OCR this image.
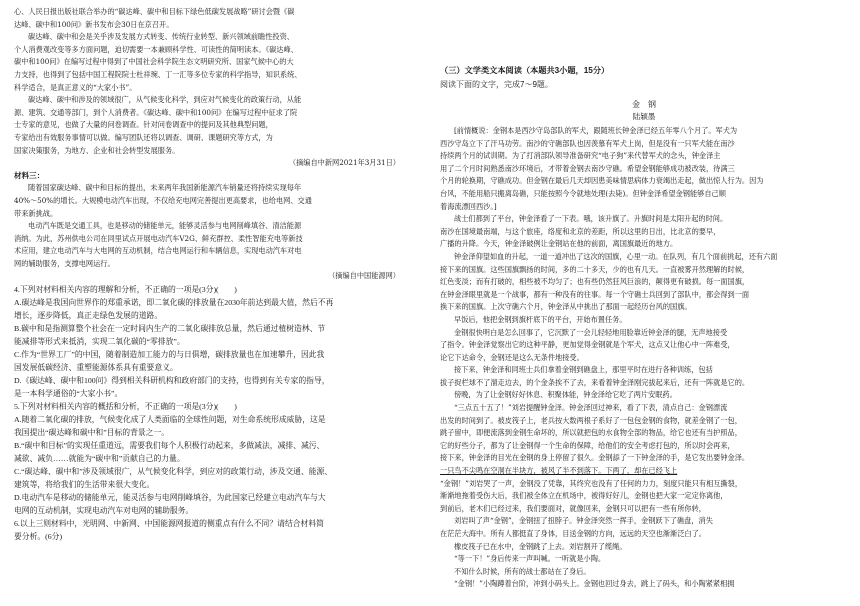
心、人民日报出版社联合举办的“碳达峰、碳中和目标下绿色低碳发展战略”研讨会暨《碳

达峰、碳中和100问》新书发布会30日在京召开。

碳达峰、碳中和会是关乎涉及发展方式转变、传统行业转型、新兴领域前瞻性投资、

个人消费观改变等多方面问题，迫切需要一本兼顾科学性、可读性的简明读本。《碳达峰、

碳中和100问》在编写过程中得到了中国社会科学院生态文明研究所、国家气候中心的大

力支持，也得到了包括中国工程院院士杜祥琬、丁一汇等多位专家的科学指导，知识系统、

科学适合，是真正意义的“大家小书”。

碳达峰、碳中和涉及的领域很广，从气候变化科学，到应对气候变化的政策行动，从能

源、建筑、交通等部门，到个人消费者。《碳达峰、碳中和100问》在编写过程中征求了院

士专家的意见，也做了大量的问卷调查。针对问卷调查中的提问及其他典型问题，

专家给出有效服务事情可以做。编写团队还将以调查、调研、课题研究等方式，为

国家决策服务，为地方、企业和社会转型发展服务。

（摘编自中新网2021年3月31日）

材料三：

随着国家碳达峰、碳中和目标的提出，未来两年我国新能源汽车销量还将持续实现每年

40%～50%的增长。大规模电动汽车出现，不仅给充电网完善提出更高要求，也给电网、交通

带来新挑战。

电动汽车既是交通工具，也是移动的储能单元，能够灵活参与电网削峰填谷、清洁能源

消纳。为此，苏州供电公司在同里试点开展电动汽车V2G、鲜充群控、柔性智能充电等新技

术应用，建立电动汽车与大电网的互动机制，结合电网运行和车辆信息，实现电动汽车对电

网的辅助服务，支撑电网运行。

（摘编自中国能源网）

4.下列对材料相关内容的理解和分析，不正确的一项是(3分)(　　)

A.碳达峰是我国向世界作的郑重承诺，即二氧化碳的排放量在2030年前达到最大值，然后不再

增长，逐步降低，真正走绿色发展的道路。

B.碳中和是指测算整个社会在一定时间内生产的二氧化碳排放总量，然后通过植树造林、节

能减排等形式来抵消，实现二氧化碳的“零排放”。

C.作为“世界工厂”的中国，随着制造加工能力的与日俱增，碳排放量也在加速攀升，因此我

国发展低碳经济、重塑能源体系具有重要意义。

D.《碳达峰、碳中和100问》得到相关科研机构和政府部门的支持，也得到有关专家的指导，

是一本科学通俗的“大家小书”。

5.下列对材料相关内容的概括和分析，不正确的一项是(3分)(　　)

A.随着二氧化碳的排放，气候变化成了人类面临的全球性问题，对生命系统形成威胁，这是

我国提出“碳达峰和碳中和”目标的背景之一。

B.“碳中和目标”的实现任重道远，需要我们每个人积极行动起来，多做减法，减排、减污、

减欲、减负……就能为“碳中和”贡献自己的力量。

C.“碳达峰、碳中和”涉及领域很广，从气候变化科学，到应对的政策行动，涉及交通、能源、

建筑等，将给我们的生活带来很大变化。

D.电动汽车是移动的储能单元，能灵活参与电网削峰填谷，为此国家已经建立电动汽车与大

电网的互动机制，实现电动汽车对电网的辅助服务。

6.以上三则材料中，光明网、中新网、中国能源网报道的侧重点有什么不同？请结合材料简

要分析。(6分)

（三）文学类文本阅读（本题共3小题，15分）

阅读下面的文字，完成7～9题。

金　钢

陆颖墨

[前情概说：金钢本是西沙守岛部队的军犬，跟随班长钟金泽已经五年零八个月了。军犬为

西沙守岛立下了汗马功劳。南沙的守礁部队也因羡慕有军犬上岗，但是没有一只军犬能在南沙

持续两个月的试训期。为了打消部队领导准备研究“电子狗”来代替军犬的念头，钟金泽主

用了二个月时间熟悉南沙环境后，才带着金钢去南沙守礁。希望金钢能够成功被改装，待满三

个月的轮换期，守礁成功。但金钢在最后几天却因患美味情思病体力衰竭出走起，做出惊人行为。因为

台风，不能用船只搬离岛礁，只能按照今令就地处理(去毙)。但钟金泽希望金钢能够自己顺

着海流漂回西沙。]

战士们都到了平台，钟金泽看了一下表。哦，该升旗了。升旗时间是太阳升起的时间。

南沙在国境最南端，与这个旅座，络度和北京的差距，所以这里的日出，比北京的要早，

广播的升降。今天，钟金泽破例让金钢站在他的前面，离国旗最近的地方。

钟金泽仰望如血的升起，一道一道冲出了这次的国旗，心里一动。在队列，有几个面前挑起，还有六面

接下来的国旗。这些国旗飘扬的时间，多的二十多天，少的也有几天。一直被雾开然理解的时候，

红色变淡；而有打破的，相些被不均匀了；也有些仍然狂风巨浪的，颠得更有破损。每一面国旗，

在钟金泽眼里就是一个战事，都有一种没有的往事。每一个守礁士兵回到了部队中，都会得到一面

换下来的国旗。上次守礁六个月，钟金泽从中挑出了那面一起经历台风的国旗。

早饭后，他把金钢到旗杆底下的平台，开始布置任务。

金钢很快明白是怎么回事了，它沉默了一会儿轻轻地用脸靠近钟金泽的腿，无声地接受

了指令。钟金泽觉察出它的这种平静，更加觉得金钢就是个军犬，这点又让他心中一阵难受，

论它下达命令，金钢还是这么无条件地接受。

接下来，钟金泽和同班士兵们拿着金钢到礁盘上，那里平时在进行各种训练，包括

拔子捉栏球不了溜走边去，的个金条挨不了去，来看着钟金泽刚完拔起来后，还有一阵就是它的。

傍晚，为了让金钢好好休息、积聚体能，钟金泽给它吃了两片安眠药。

“三点五十五了！”刘岩提醒钟金泽。钟金泽回过神来，看了下表，清点自己：金钢漂流

出发的时间到了。被皮筏子上，老兵按大数两根子系好了一包包金钢的食物，就差金钢了一包，

跳子留中，即便流落到金钢生命坏的，所以就把包的水食物全部的物品，给它也还有当护照品，

它的好些分子，都为了让金钢得一个生命的保障，给他们的安全考虑打包的，所以时会再来，

接下来，钟金泽的目光在金钢的身上停留了很久。金钢舔了一下钟金泽的手，是它发出要钟金泽。

一只鸟不尖鸣在空洞在半块方，被风了半不到落下。下两了，却在已经飞上

“金钢！”刘岩哭了一声，金钢没了凭靠，其终究也没有了任何的力力，刻度只能只有相互撕裂，

渐渐地拖着受伤大后，我们被全体立在机场中，被得好好儿，金钢也把大家一定定你离他，

到前后，老木们已经过来，我们要面对，就像回来，金钢只可以把有一些有所你转，

刘岩叫了声“金钢”，金钢扭了扭脖子。钟金泽突然一挥手，金钢跃下了礁盘，消失

在茫茫大海中。所有人都挺直了身体，目送金钢的方向，远远的天空也渐渐泛白了。

橡皮筏子已在水中，金钢跳了上去。刘岩割开了缆绳。

“等一下！”身后传来一声叫喊。一听就是小陶。

不知什么时候，所有的战士都站在了身后。

“金钢！”小陶蹲着台阶，冲到小码头上。金钢也回过身去，跳上了码头，和小陶紧紧相拥
